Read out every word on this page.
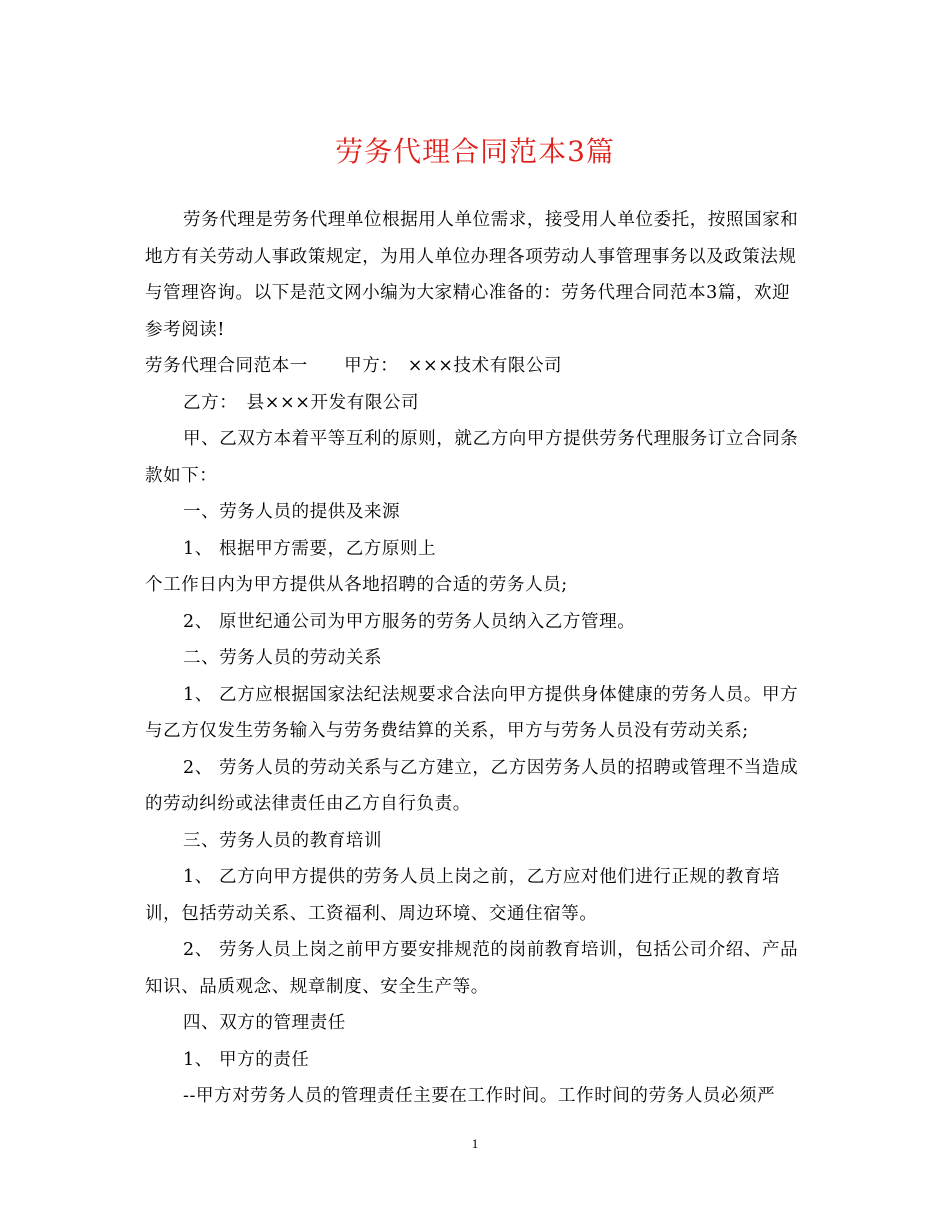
劳务代理合同范本3篇

劳务代理是劳务代理单位根据用人单位需求，接受用人单位委托，按照国家和地方有关劳动人事政策规定，为用人单位办理各项劳动人事管理事务以及政策法规与管理咨询。以下是范文网小编为大家精心准备的：劳务代理合同范本3篇，欢迎参考阅读!

劳务代理合同范本一　　甲方：　×××技术有限公司

乙方：　县×××开发有限公司

甲、乙双方本着平等互利的原则，就乙方向甲方提供劳务代理服务订立合同条款如下：

一、劳务人员的提供及来源

1、 根据甲方需要，乙方原则上

个工作日内为甲方提供从各地招聘的合适的劳务人员;

2、 原世纪通公司为甲方服务的劳务人员纳入乙方管理。

二、劳务人员的劳动关系

1、 乙方应根据国家法纪法规要求合法向甲方提供身体健康的劳务人员。甲方与乙方仅发生劳务输入与劳务费结算的关系，甲方与劳务人员没有劳动关系;

2、 劳务人员的劳动关系与乙方建立，乙方因劳务人员的招聘或管理不当造成的劳动纠纷或法律责任由乙方自行负责。

三、劳务人员的教育培训

1、 乙方向甲方提供的劳务人员上岗之前，乙方应对他们进行正规的教育培训，包括劳动关系、工资福利、周边环境、交通住宿等。

2、 劳务人员上岗之前甲方要安排规范的岗前教育培训，包括公司介绍、产品知识、品质观念、规章制度、安全生产等。

四、双方的管理责任

1、 甲方的责任

--甲方对劳务人员的管理责任主要在工作时间。工作时间的劳务人员必须严

1
